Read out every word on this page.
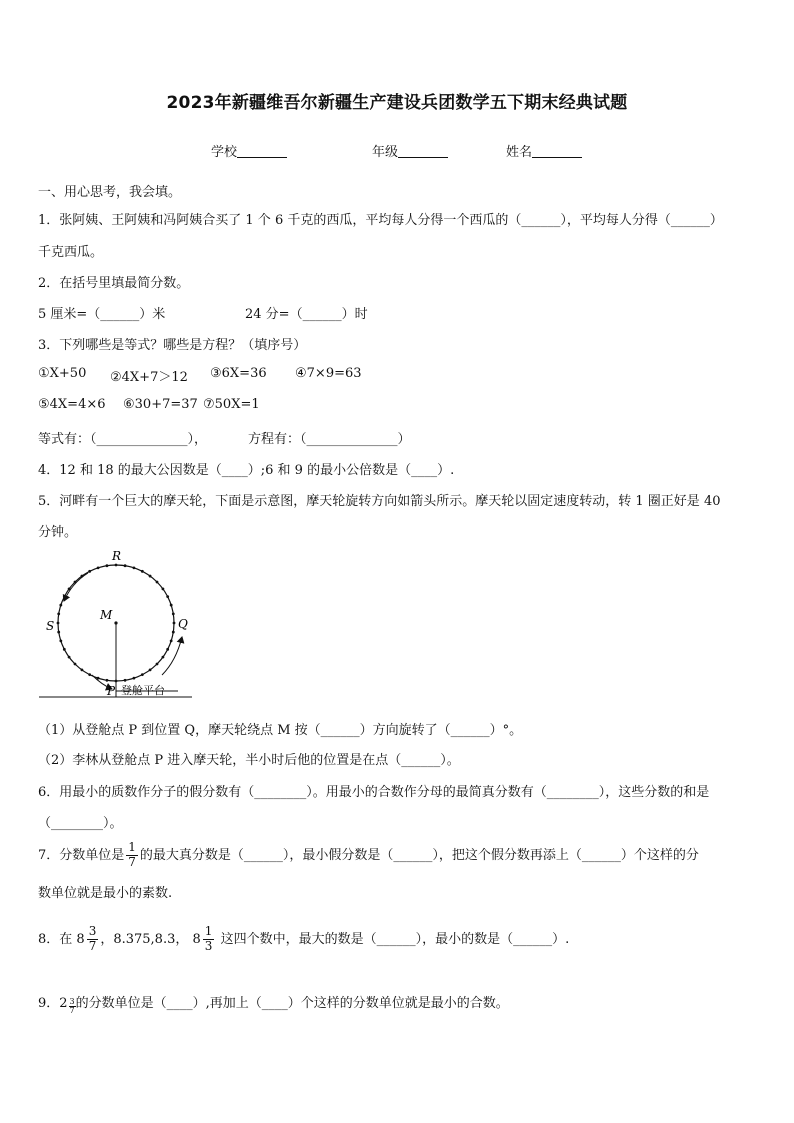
2023年新疆维吾尔新疆生产建设兵团数学五下期末经典试题
学校	年级	姓名
一、用心思考，我会填。
1．张阿姨、王阿姨和冯阿姨合买了 1 个 6 千克的西瓜，平均每人分得一个西瓜的（______），平均每人分得（______）
千克西瓜。
2．在括号里填最简分数。
5 厘米=（______）米	24 分=（______）时
3．下列哪些是等式？哪些是方程？（填序号）
①X+50 ②4X+7＞12 ③6X=36 ④7×9=63
⑤4X=4×6 ⑥30+7=37 ⑦50X=1
等式有：（______________），	方程有：（______________）
4．12 和 18 的最大公因数是（____）;6 和 9 的最小公倍数是（____）.
5．河畔有一个巨大的摩天轮，下面是示意图，摩天轮旋转方向如箭头所示。摩天轮以固定速度转动，转 1 圈正好是 40
分钟。
R
S
M
Q
P 登舱平台
（1）从登舱点 P 到位置 Q，摩天轮绕点 M 按（______）方向旋转了（______）°。
（2）李林从登舱点 P 进入摩天轮，半小时后他的位置是在点（______）。
6．用最小的质数作分子的假分数有（________）。用最小的合数作分母的最简真分数有（________），这些分数的和是
（________）。
7．分数单位是 $\frac{1}{7}$ 的最大真分数是（______），最小假分数是（______），把这个假分数再添上（______）个这样的分
数单位就是最小的素数.
8．在 $8 \frac{3}{7}$ ，8.375,8.3， $8 \frac{1}{3}$ 这四个数中，最大的数是（______），最小的数是（______）.
9．$2 \frac{3}{7}$ 的分数单位是（____）,再加上（____）个这样的分数单位就是最小的合数。
